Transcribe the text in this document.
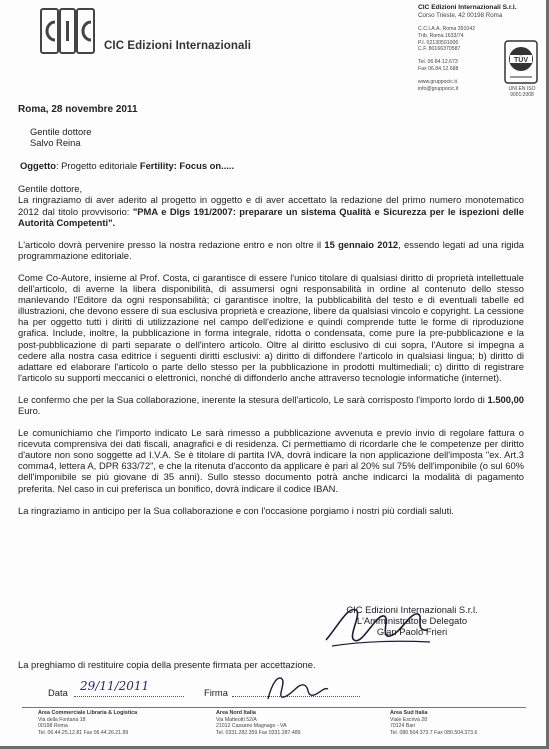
CIC Edizioni Internazionali
CIC Edizioni Internazionali S.r.l.
Corso Trieste, 42 00198 Roma
C.C.I.A.A. Roma 391042
Trib. Roma 1633/74
P.I. 02130501006
C.F. 80166370587
Tel. 06.84.12.673
Fax 06.84.12.688
www.gruppocic.it
info@gruppocic.it
TÜV
UNI EN ISO
9001:2008
Roma, 28 novembre 2011
Gentile dottore
Salvo Reina
Oggetto: Progetto editoriale Fertility: Focus on.....
Gentile dottore,

La ringraziamo di aver aderito al progetto in oggetto e di aver accettato la redazione del primo numero monotematico 2012 dal titolo provvisorio: "PMA e Dlgs 191/2007: preparare un sistema Qualità e Sicurezza per le ispezioni delle Autorità Competenti".

L'articolo dovrà pervenire presso la nostra redazione entro e non oltre il 15 gennaio 2012, essendo legati ad una rigida programmazione editoriale.

Come Co-Autore, insieme al Prof. Costa, ci garantisce di essere l'unico titolare di qualsiasi diritto di proprietà intellettuale dell'articolo, di averne la libera disponibilità, di assumersi ogni responsabilità in ordine al contenuto dello stesso manlevando l'Editore da ogni responsabilità; ci garantisce inoltre, la pubblicabilità del testo e di eventuali tabelle ed illustrazioni, che devono essere di sua esclusiva proprietà e creazione, libere da qualsiasi vincolo e copyright. La cessione ha per oggetto tutti i diritti di utilizzazione nel campo dell'edizione e quindi comprende tutte le forme di riproduzione grafica. Include, inoltre, la pubblicazione in forma integrale, ridotta o condensata, come pure la pre-pubblicazione e la post-pubblicazione di parti separate o dell'intero articolo. Oltre al diritto esclusivo di cui sopra, l'Autore si impegna a cedere alla nostra casa editrice i seguenti diritti esclusivi: a) diritto di diffondere l'articolo in qualsiasi lingua; b) diritto di adattare ed elaborare l'articolo o parte dello stesso per la pubblicazione in prodotti multimediali; c) diritto di registrare l'articolo su supporti meccanici o elettronici, nonché di diffonderlo anche attraverso tecnologie informatiche (internet).

Le confermo che per la Sua collaborazione, inerente la stesura dell'articolo, Le sarà corrisposto l'importo lordo di 1.500,00 Euro.

Le comunichiamo che l'importo indicato Le sarà rimesso a pubblicazione avvenuta e previo invio di regolare fattura o ricevuta comprensiva dei dati fiscali, anagrafici e di residenza. Ci permettiamo di ricordarle che le competenze per diritto d'autore non sono soggette ad I.V.A. Se è titolare di partita IVA, dovrà indicare la non applicazione dell'imposta "ex. Art.3 comma4, lettera A, DPR 633/72", e che la ritenuta d'acconto da applicare è pari al 20% sul 75% dell'imponibile (o sul 60% dell'imponibile se più giovane di 35 anni). Sullo stesso documento potrà anche indicarci la modalità di pagamento preferita. Nel caso in cui preferisca un bonifico, dovrà indicare il codice IBAN.

La ringraziamo in anticipo per la Sua collaborazione e con l'occasione porgiamo i nostri più cordiali saluti.

CIC Edizioni Internazionali S.r.l.
L'Amministratore Delegato
Gian Paolo Frieri
La preghiamo di restituire copia della presente firmata per accettazione.
Data 29/11/2011	Firma
Area Commerciale Libraria & Logistica
Via della Fontana 18
00198 Roma
Tel. 06.44.25.12.81 Fax 06.44.26.21.89
Area Nord Italia
Via Matteotti 52/A
21012 Cassano Magnago - VA
Tel. 0331.282.359 Fax 0331.287.489
Area Sud Italia
Viale Escrivà 28
70124 Bari
Tel. 080.504.373.7 Fax 080.504.373.6
